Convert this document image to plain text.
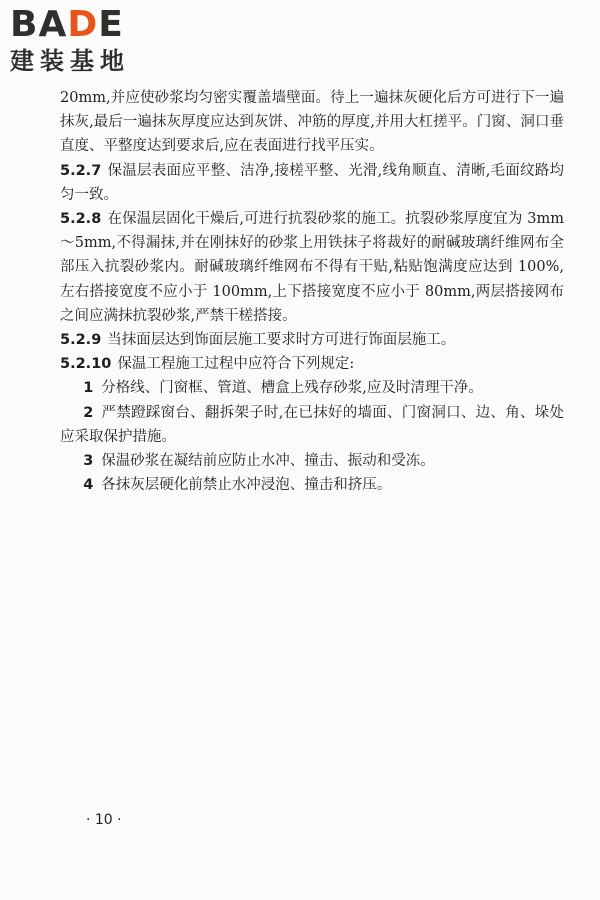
BADE
建装基地

20mm,并应使砂浆均匀密实覆盖墙壁面。待上一遍抹灰硬化后方可进行下一遍抹灰,最后一遍抹灰厚度应达到灰饼、冲筋的厚度,并用大杠搓平。门窗、洞口垂直度、平整度达到要求后,应在表面进行找平压实。

5.2.7 保温层表面应平整、洁净,接槎平整、光滑,线角顺直、清晰,毛面纹路均匀一致。

5.2.8 在保温层固化干燥后,可进行抗裂砂浆的施工。抗裂砂浆厚度宜为 3mm～5mm,不得漏抹,并在刚抹好的砂浆上用铁抹子将裁好的耐碱玻璃纤维网布全部压入抗裂砂浆内。耐碱玻璃纤维网布不得有干贴,粘贴饱满度应达到 100%,左右搭接宽度不应小于 100mm,上下搭接宽度不应小于 80mm,两层搭接网布之间应满抹抗裂砂浆,严禁干槎搭接。

5.2.9 当抹面层达到饰面层施工要求时方可进行饰面层施工。

5.2.10 保温工程施工过程中应符合下列规定:

1 分格线、门窗框、管道、槽盒上残存砂浆,应及时清理干净。

2 严禁蹬踩窗台、翻拆架子时,在已抹好的墙面、门窗洞口、边、角、垛处应采取保护措施。

3 保温砂浆在凝结前应防止水冲、撞击、振动和受冻。

4 各抹灰层硬化前禁止水冲浸泡、撞击和挤压。

· 10 ·
